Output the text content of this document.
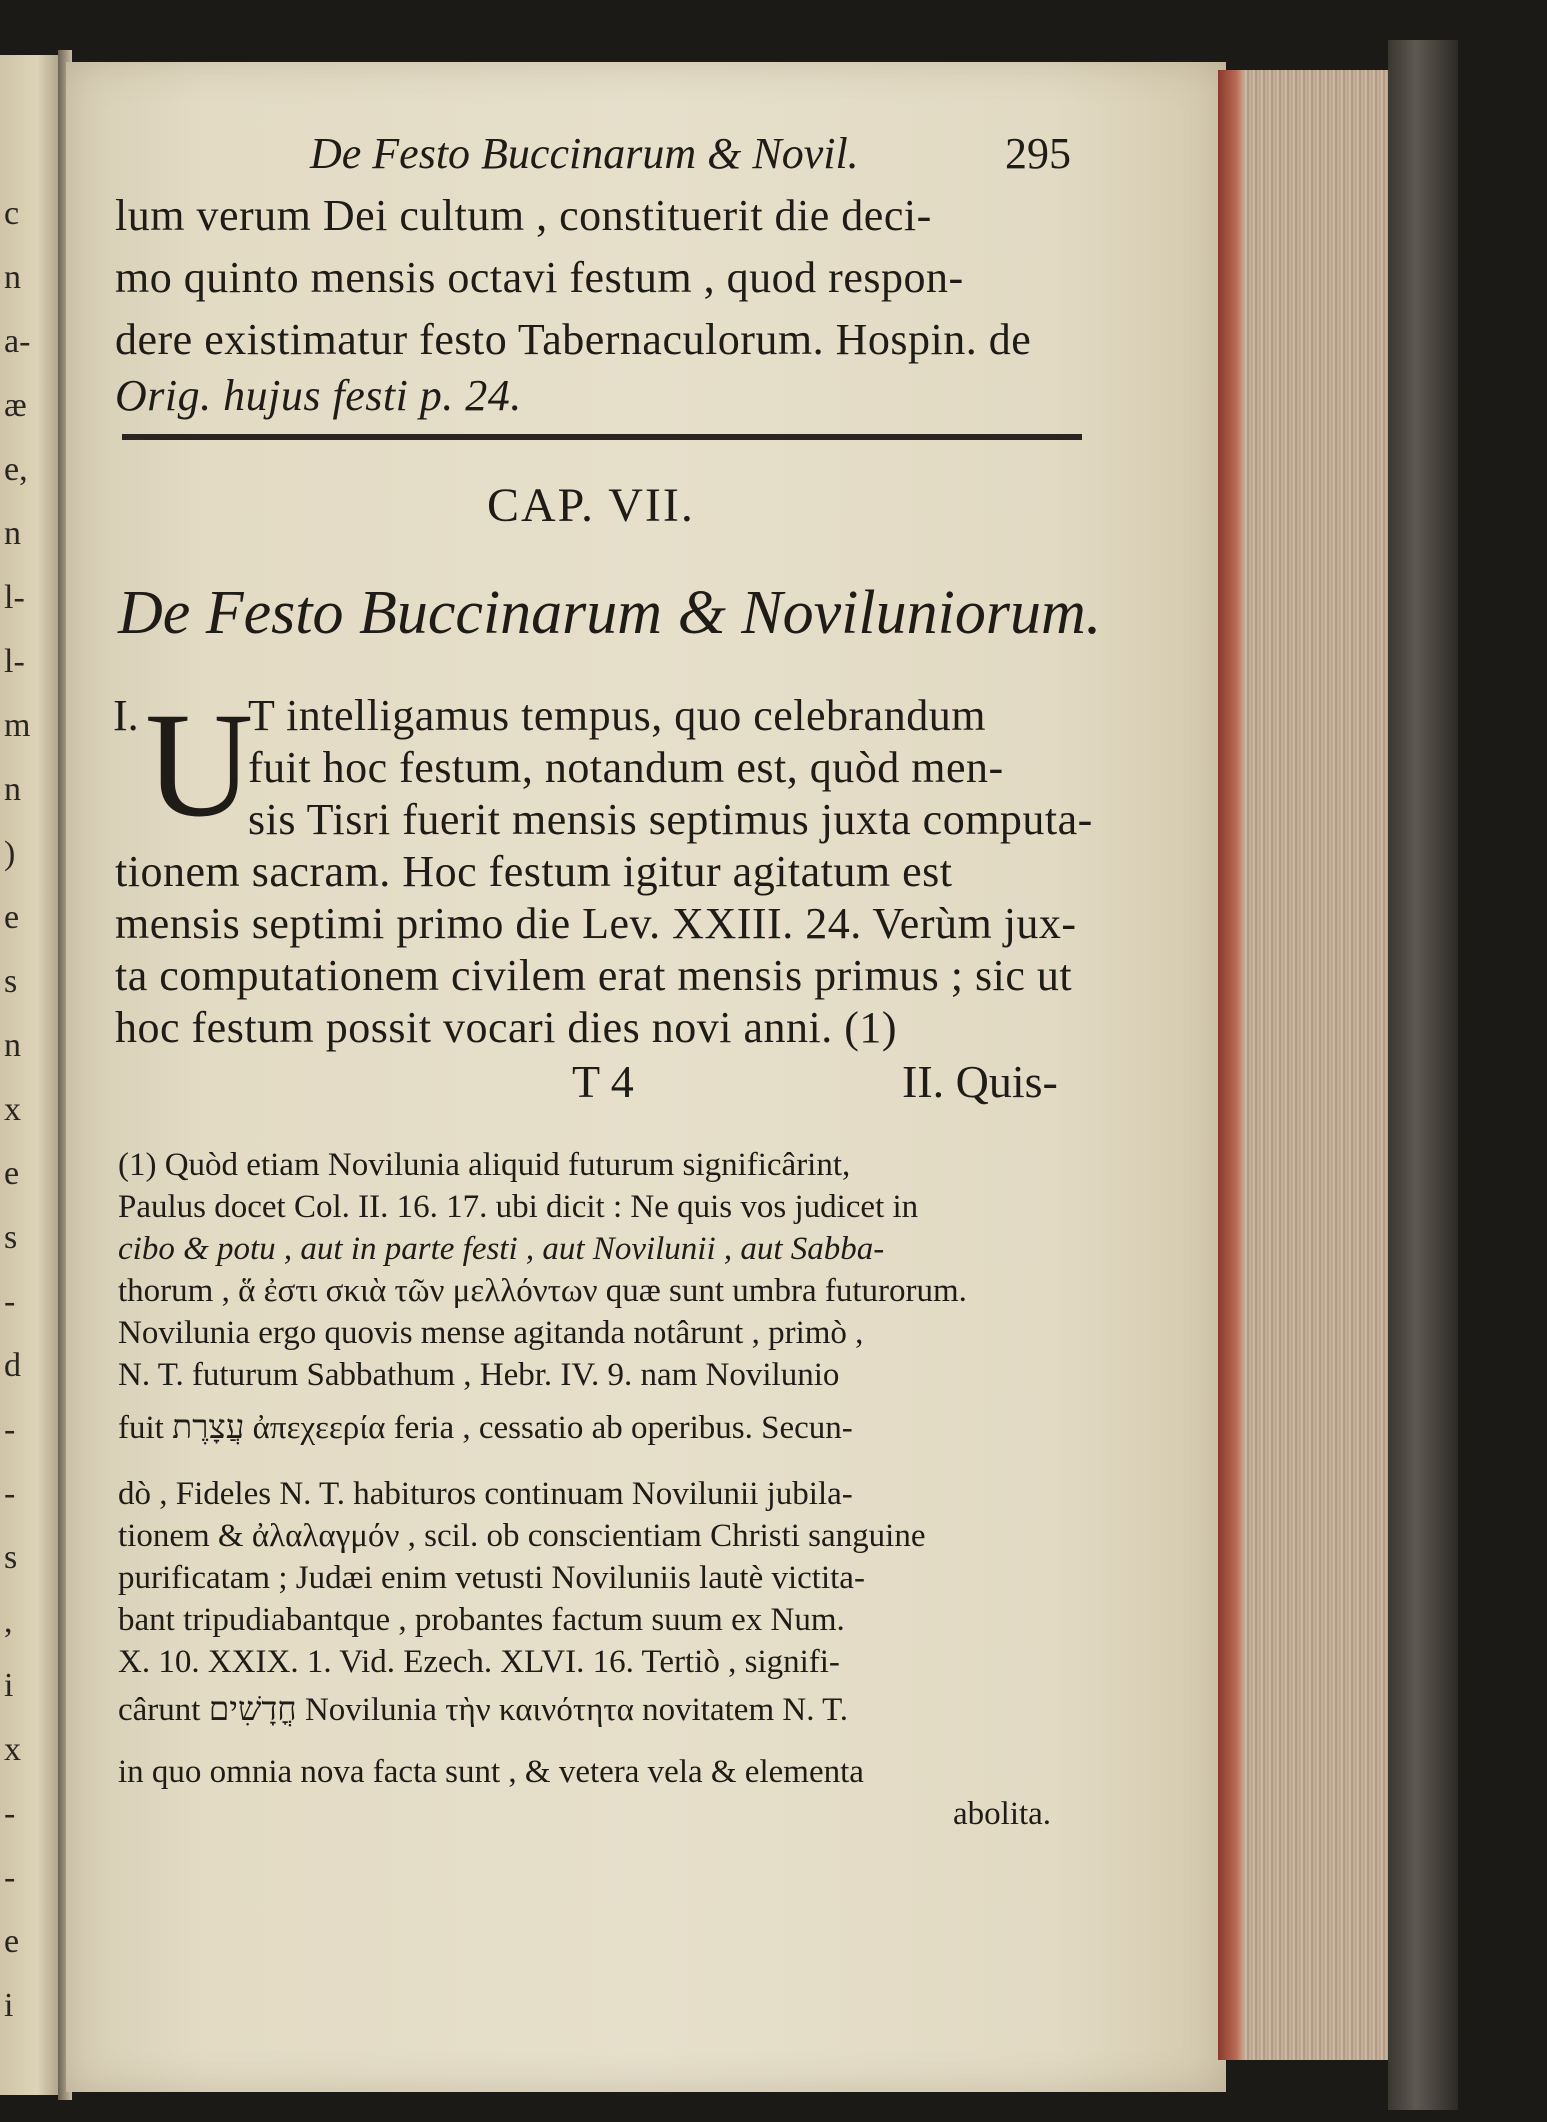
c
n
a-
æ
e,
n
l-
l-
m
n
)
e
s
n
x
e
s
-
d
-
-
s
,
i
x
-
-
e
i
De Festo Buccinarum & Novil.	295
lum verum Dei cultum , constituerit die deci-
mo quinto mensis octavi festum , quod respon-
dere existimatur festo Tabernaculorum. Hospin. de
Orig. hujus festi p. 24.
CAP. VII.
De Festo Buccinarum & Noviluniorum.
I. U
T intelligamus tempus, quo celebrandum
fuit hoc festum, notandum est, quòd men-
sis Tisri fuerit mensis septimus juxta computa-
tionem sacram. Hoc festum igitur agitatum est
mensis septimi primo die Lev. XXIII. 24. Verùm jux-
ta computationem civilem erat mensis primus ; sic ut
hoc festum possit vocari dies novi anni. (1)
T 4	II. Quis-
(1) Quòd etiam Novilunia aliquid futurum significârint,
Paulus docet Col. II. 16. 17. ubi dicit : Ne quis vos judicet in
cibo & potu , aut in parte festi , aut Novilunii , aut Sabba-
thorum , ἅ ἐστι σκιὰ τῶν μελλόντων quæ sunt umbra futurorum.
Novilunia ergo quovis mense agitanda notârunt , primò ,
N. T. futurum Sabbathum , Hebr. IV. 9. nam Novilunio
fuit עֲצָרֶת ἀπεχεερία feria , cessatio ab operibus. Secun-
dò , Fideles N. T. habituros continuam Novilunii jubila-
tionem & ἀλαλαγμόν , scil. ob conscientiam Christi sanguine
purificatam ; Judæi enim vetusti Noviluniis lautè victita-
bant tripudiabantque , probantes factum suum ex Num.
X. 10. XXIX. 1. Vid. Ezech. XLVI. 16. Tertiò , signifi-
cârunt חֳדָשִׁים Novilunia τὴν καινότητα novitatem N. T.
in quo omnia nova facta sunt , & vetera vela & elementa
abolita.
